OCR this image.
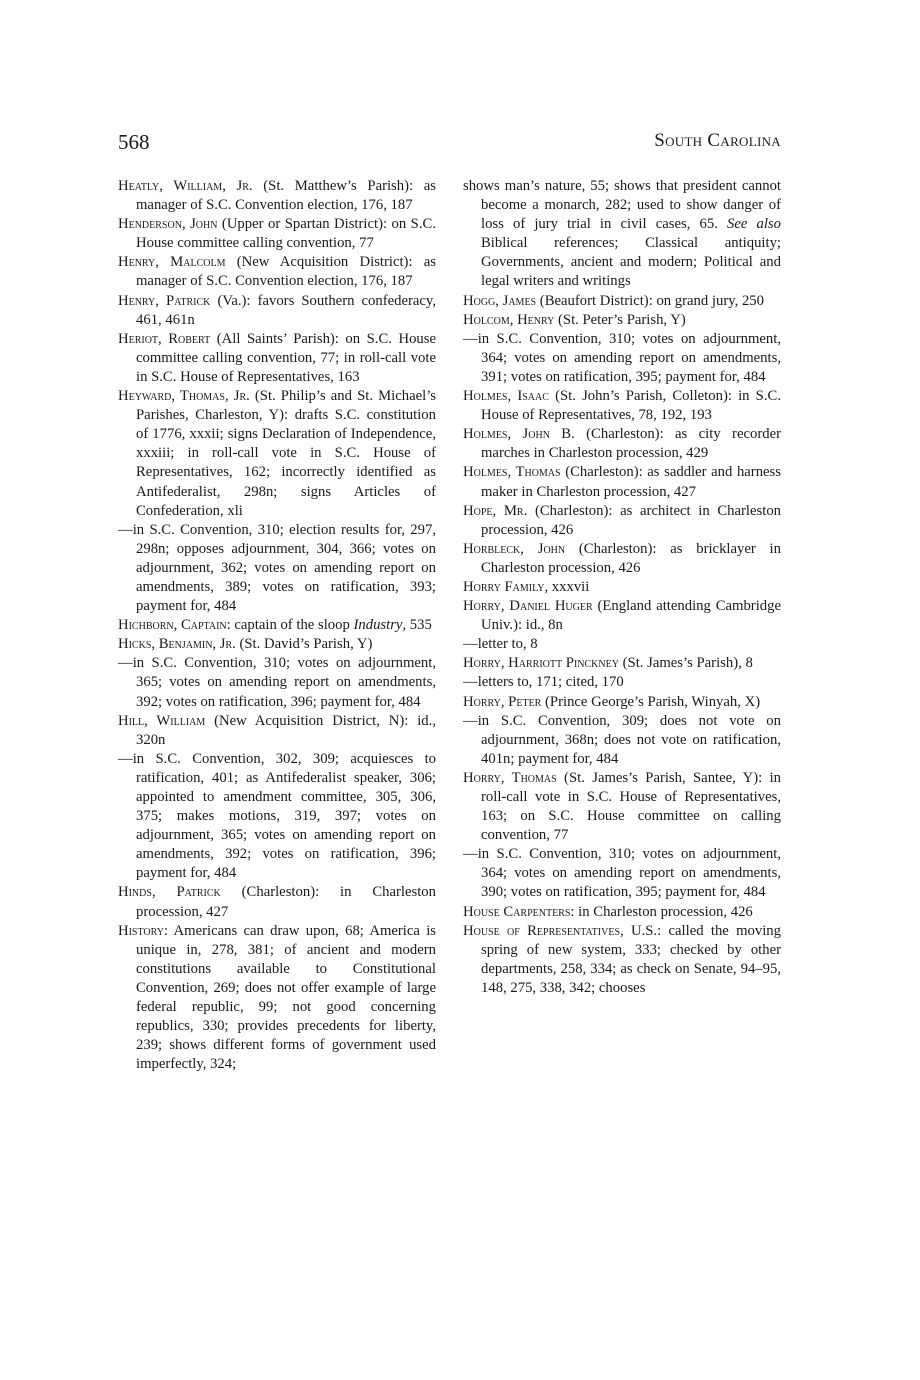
568	South Carolina

Heatly, William, Jr. (St. Matthew’s Parish): as manager of S.C. Convention election, 176, 187

Henderson, John (Upper or Spartan District): on S.C. House committee calling convention, 77

Henry, Malcolm (New Acquisition District): as manager of S.C. Convention election, 176, 187

Henry, Patrick (Va.): favors Southern confederacy, 461, 461n

Heriot, Robert (All Saints’ Parish): on S.C. House committee calling convention, 77; in roll-call vote in S.C. House of Representatives, 163

Heyward, Thomas, Jr. (St. Philip’s and St. Michael’s Parishes, Charleston, Y): drafts S.C. constitution of 1776, xxxii; signs Declaration of Independence, xxxiii; in roll-call vote in S.C. House of Representatives, 162; incorrectly identified as Antifederalist, 298n; signs Articles of Confederation, xli

—in S.C. Convention, 310; election results for, 297, 298n; opposes adjournment, 304, 366; votes on adjournment, 362; votes on amending report on amendments, 389; votes on ratification, 393; payment for, 484

Hichborn, Captain: captain of the sloop Industry, 535

Hicks, Benjamin, Jr. (St. David’s Parish, Y)

—in S.C. Convention, 310; votes on adjournment, 365; votes on amending report on amendments, 392; votes on ratification, 396; payment for, 484

Hill, William (New Acquisition District, N): id., 320n

—in S.C. Convention, 302, 309; acquiesces to ratification, 401; as Antifederalist speaker, 306; appointed to amendment committee, 305, 306, 375; makes motions, 319, 397; votes on adjournment, 365; votes on amending report on amendments, 392; votes on ratification, 396; payment for, 484

Hinds, Patrick (Charleston): in Charleston procession, 427

History: Americans can draw upon, 68; America is unique in, 278, 381; of ancient and modern constitutions available to Constitutional Convention, 269; does not offer example of large federal republic, 99; not good concerning republics, 330; provides precedents for liberty, 239; shows different forms of government used imperfectly, 324;

shows man’s nature, 55; shows that president cannot become a monarch, 282; used to show danger of loss of jury trial in civil cases, 65. See also Biblical references; Classical antiquity; Governments, ancient and modern; Political and legal writers and writings

Hogg, James (Beaufort District): on grand jury, 250

Holcom, Henry (St. Peter’s Parish, Y)

—in S.C. Convention, 310; votes on adjournment, 364; votes on amending report on amendments, 391; votes on ratification, 395; payment for, 484

Holmes, Isaac (St. John’s Parish, Colleton): in S.C. House of Representatives, 78, 192, 193

Holmes, John B. (Charleston): as city recorder marches in Charleston procession, 429

Holmes, Thomas (Charleston): as saddler and harness maker in Charleston procession, 427

Hope, Mr. (Charleston): as architect in Charleston procession, 426

Horbleck, John (Charleston): as bricklayer in Charleston procession, 426

Horry Family, xxxvii

Horry, Daniel Huger (England attending Cambridge Univ.): id., 8n

—letter to, 8

Horry, Harriott Pinckney (St. James’s Parish), 8

—letters to, 171; cited, 170

Horry, Peter (Prince George’s Parish, Winyah, X)

—in S.C. Convention, 309; does not vote on adjournment, 368n; does not vote on ratification, 401n; payment for, 484

Horry, Thomas (St. James’s Parish, Santee, Y): in roll-call vote in S.C. House of Representatives, 163; on S.C. House committee on calling convention, 77

—in S.C. Convention, 310; votes on adjournment, 364; votes on amending report on amendments, 390; votes on ratification, 395; payment for, 484

House Carpenters: in Charleston procession, 426

House of Representatives, U.S.: called the moving spring of new system, 333; checked by other departments, 258, 334; as check on Senate, 94–95, 148, 275, 338, 342; chooses
